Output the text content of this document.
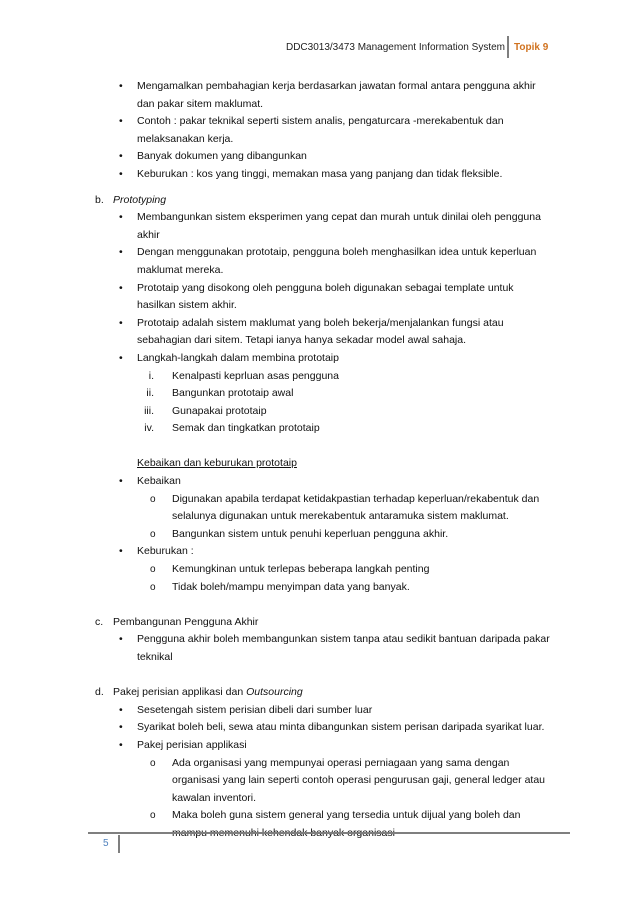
DDC3013/3473 Management Information System Topik 9
• Mengamalkan pembahagian kerja berdasarkan jawatan formal antara pengguna akhir
dan pakar sitem maklumat.
• Contoh : pakar teknikal seperti sistem analis, pengaturcara -merekabentuk dan
melaksanakan kerja.
• Banyak dokumen yang dibangunkan
• Keburukan : kos yang tinggi, memakan masa yang panjang dan tidak fleksible.
b. Prototyping
• Membangunkan sistem eksperimen yang cepat dan murah untuk dinilai oleh pengguna
akhir
• Dengan menggunakan prototaip, pengguna boleh menghasilkan idea untuk keperluan
maklumat mereka.
• Prototaip yang disokong oleh pengguna boleh digunakan sebagai template untuk
hasilkan sistem akhir.
• Prototaip adalah sistem maklumat yang boleh bekerja/menjalankan fungsi atau
sebahagian dari sitem. Tetapi ianya hanya sekadar model awal sahaja.
• Langkah-langkah dalam membina prototaip
i. Kenalpasti keprluan asas pengguna
ii. Bangunkan prototaip awal
iii. Gunapakai prototaip
iv. Semak dan tingkatkan prototaip
Kebaikan dan keburukan prototaip
• Kebaikan
o Digunakan apabila terdapat ketidakpastian terhadap keperluan/rekabentuk dan
selalunya digunakan untuk merekabentuk antaramuka sistem maklumat.
o Bangunkan sistem untuk penuhi keperluan pengguna akhir.
• Keburukan :
o Kemungkinan untuk terlepas beberapa langkah penting
o Tidak boleh/mampu menyimpan data yang banyak.
c. Pembangunan Pengguna Akhir
• Pengguna akhir boleh membangunkan sistem tanpa atau sedikit bantuan daripada pakar
teknikal
d. Pakej perisian applikasi dan Outsourcing
• Sesetengah sistem perisian dibeli dari sumber luar
• Syarikat boleh beli, sewa atau minta dibangunkan sistem perisan daripada syarikat luar.
• Pakej perisian applikasi
o Ada organisasi yang mempunyai operasi perniagaan yang sama dengan
organisasi yang lain seperti contoh operasi pengurusan gaji, general ledger atau
kawalan inventori.
o Maka boleh guna sistem general yang tersedia untuk dijual yang boleh dan
5
